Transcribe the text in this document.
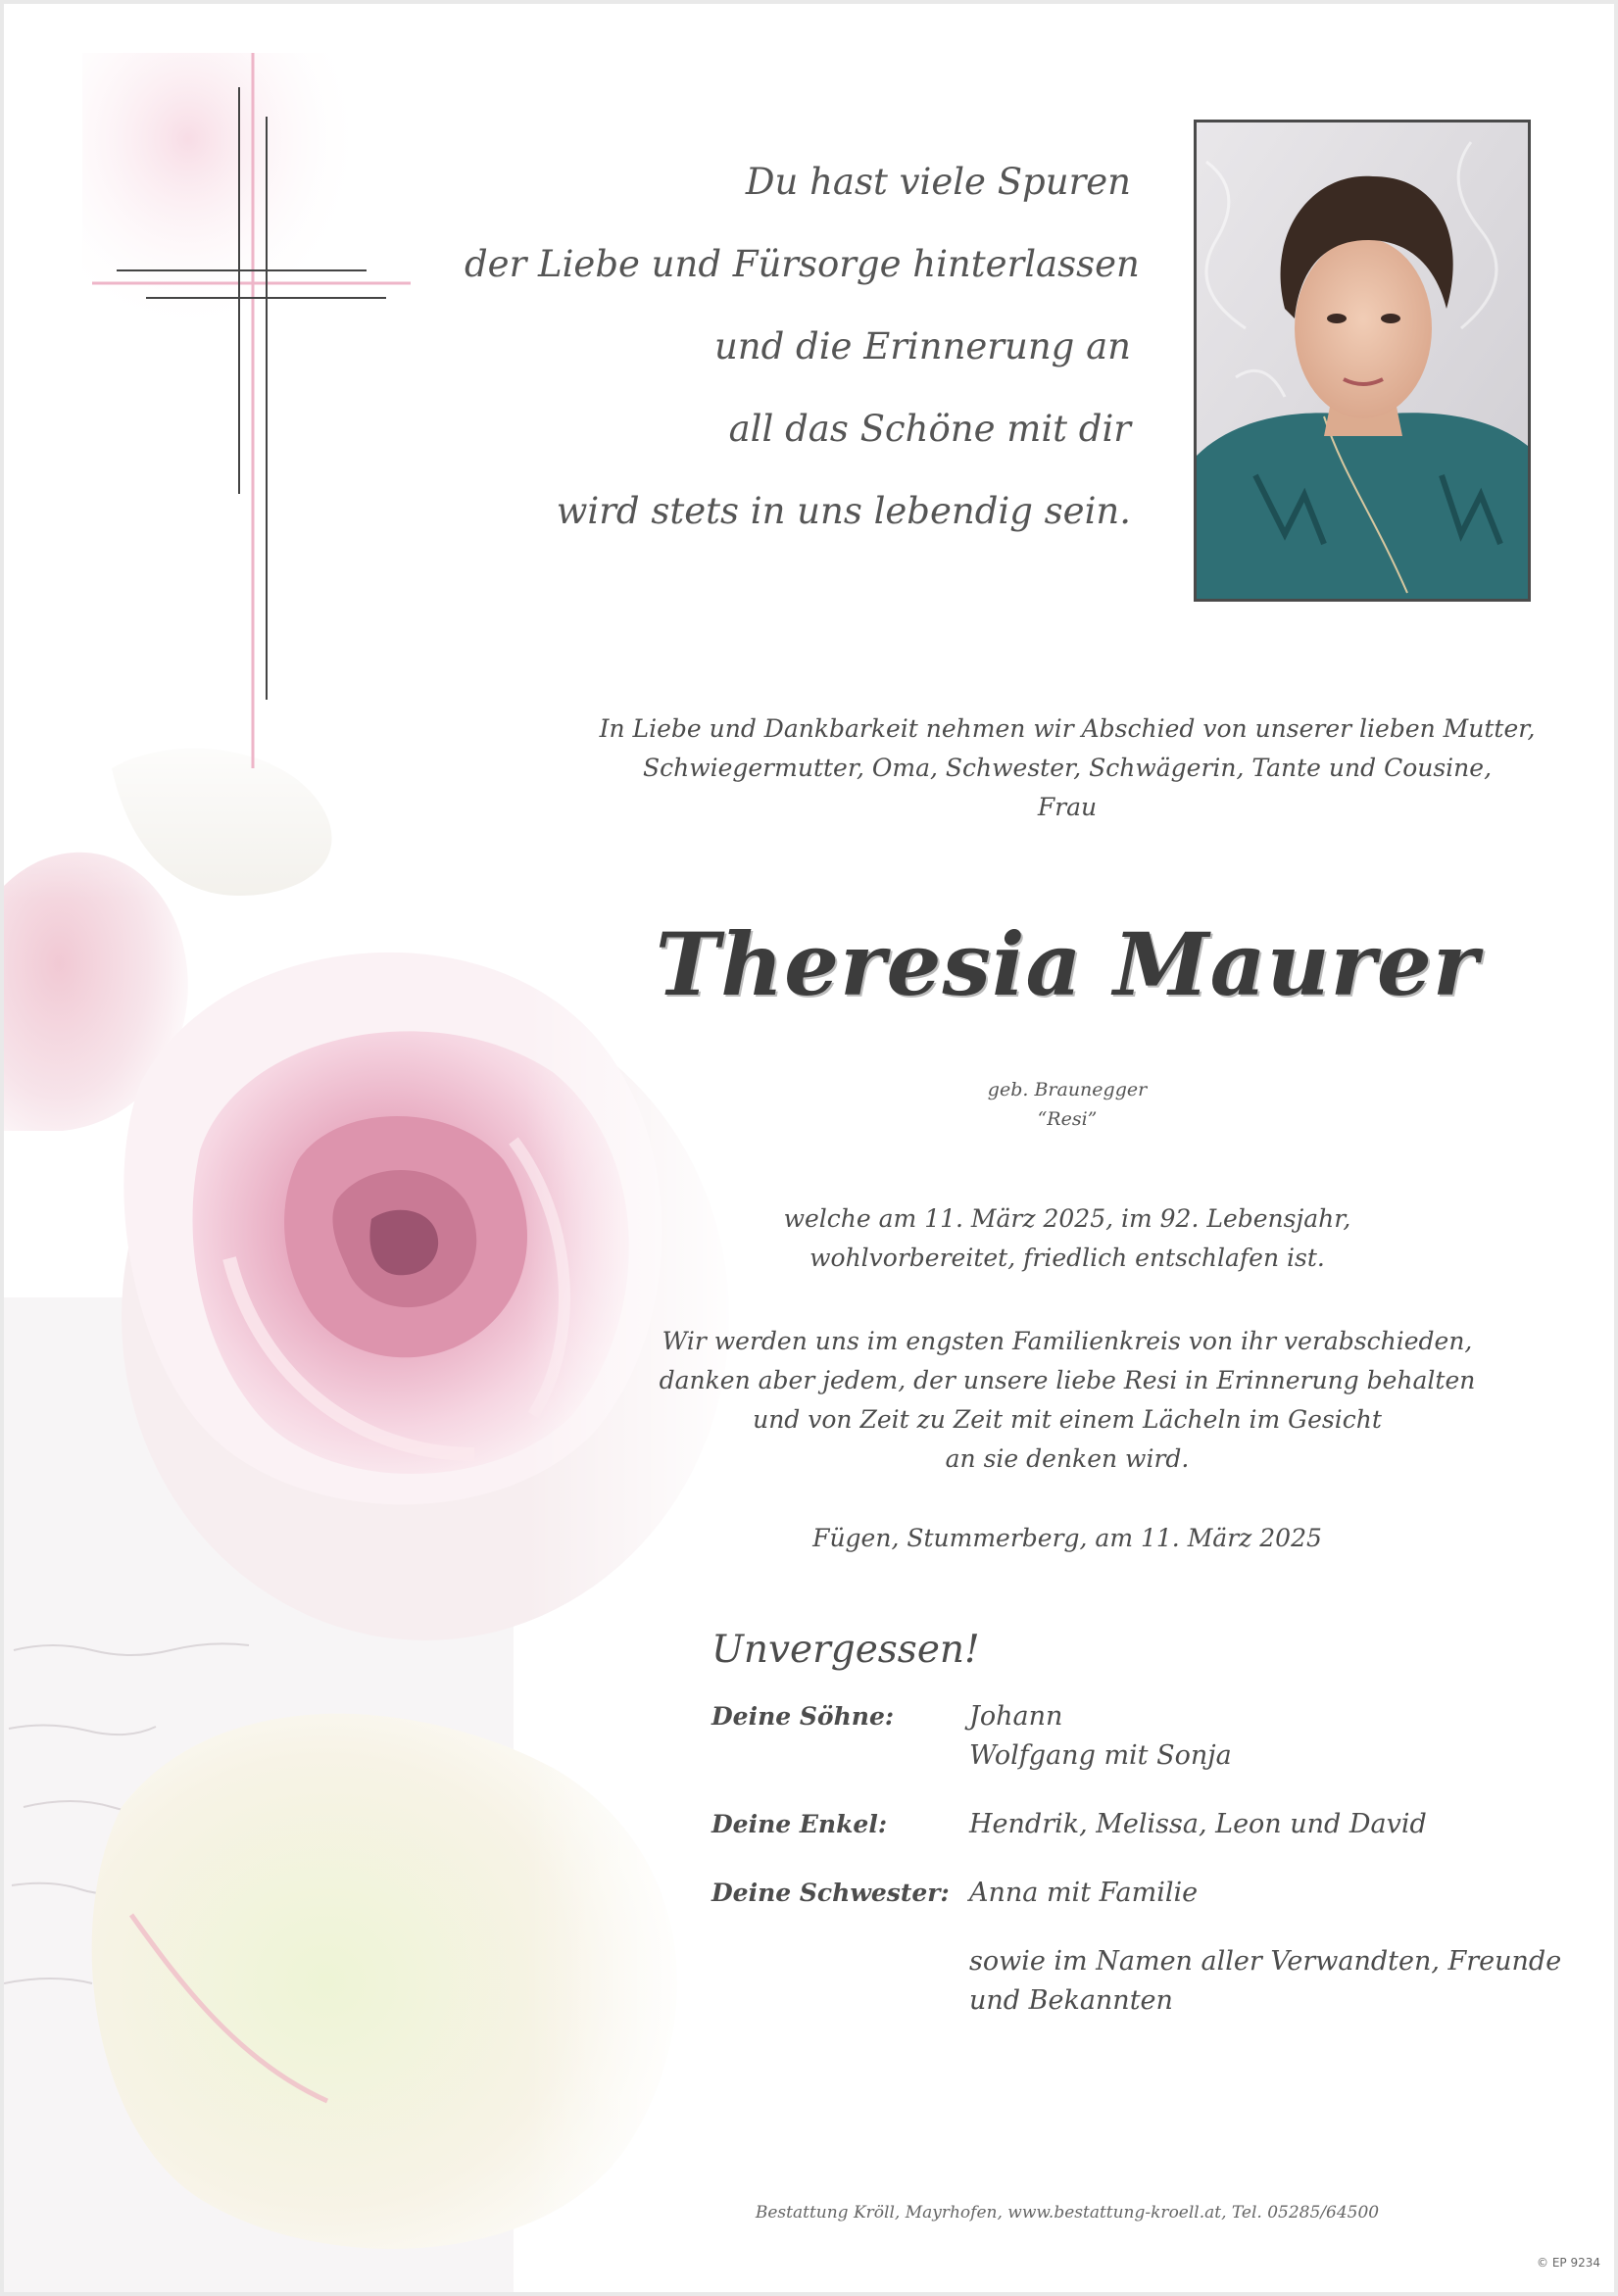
Du hast viele Spuren
der Liebe und Fürsorge hinterlassen
und die Erinnerung an
all das Schöne mit dir
wird stets in uns lebendig sein.
In Liebe und Dankbarkeit nehmen wir Abschied von unserer lieben Mutter,
Schwiegermutter, Oma, Schwester, Schwägerin, Tante und Cousine,
Frau
Theresia Maurer
geb. Braunegger
“Resi”
welche am 11. März 2025, im 92. Lebensjahr,
wohlvorbereitet, friedlich entschlafen ist.
Wir werden uns im engsten Familienkreis von ihr verabschieden,
danken aber jedem, der unsere liebe Resi in Erinnerung behalten
und von Zeit zu Zeit mit einem Lächeln im Gesicht
an sie denken wird.
Fügen, Stummerberg, am 11. März 2025
Unvergessen!
Deine Söhne:	Johann
Wolfgang mit Sonja
Deine Enkel:	Hendrik, Melissa, Leon und David
Deine Schwester: Anna mit Familie
sowie im Namen aller Verwandten, Freunde
und Bekannten
Bestattung Kröll, Mayrhofen, www.bestattung-kroell.at, Tel. 05285/64500
© EP 9234
